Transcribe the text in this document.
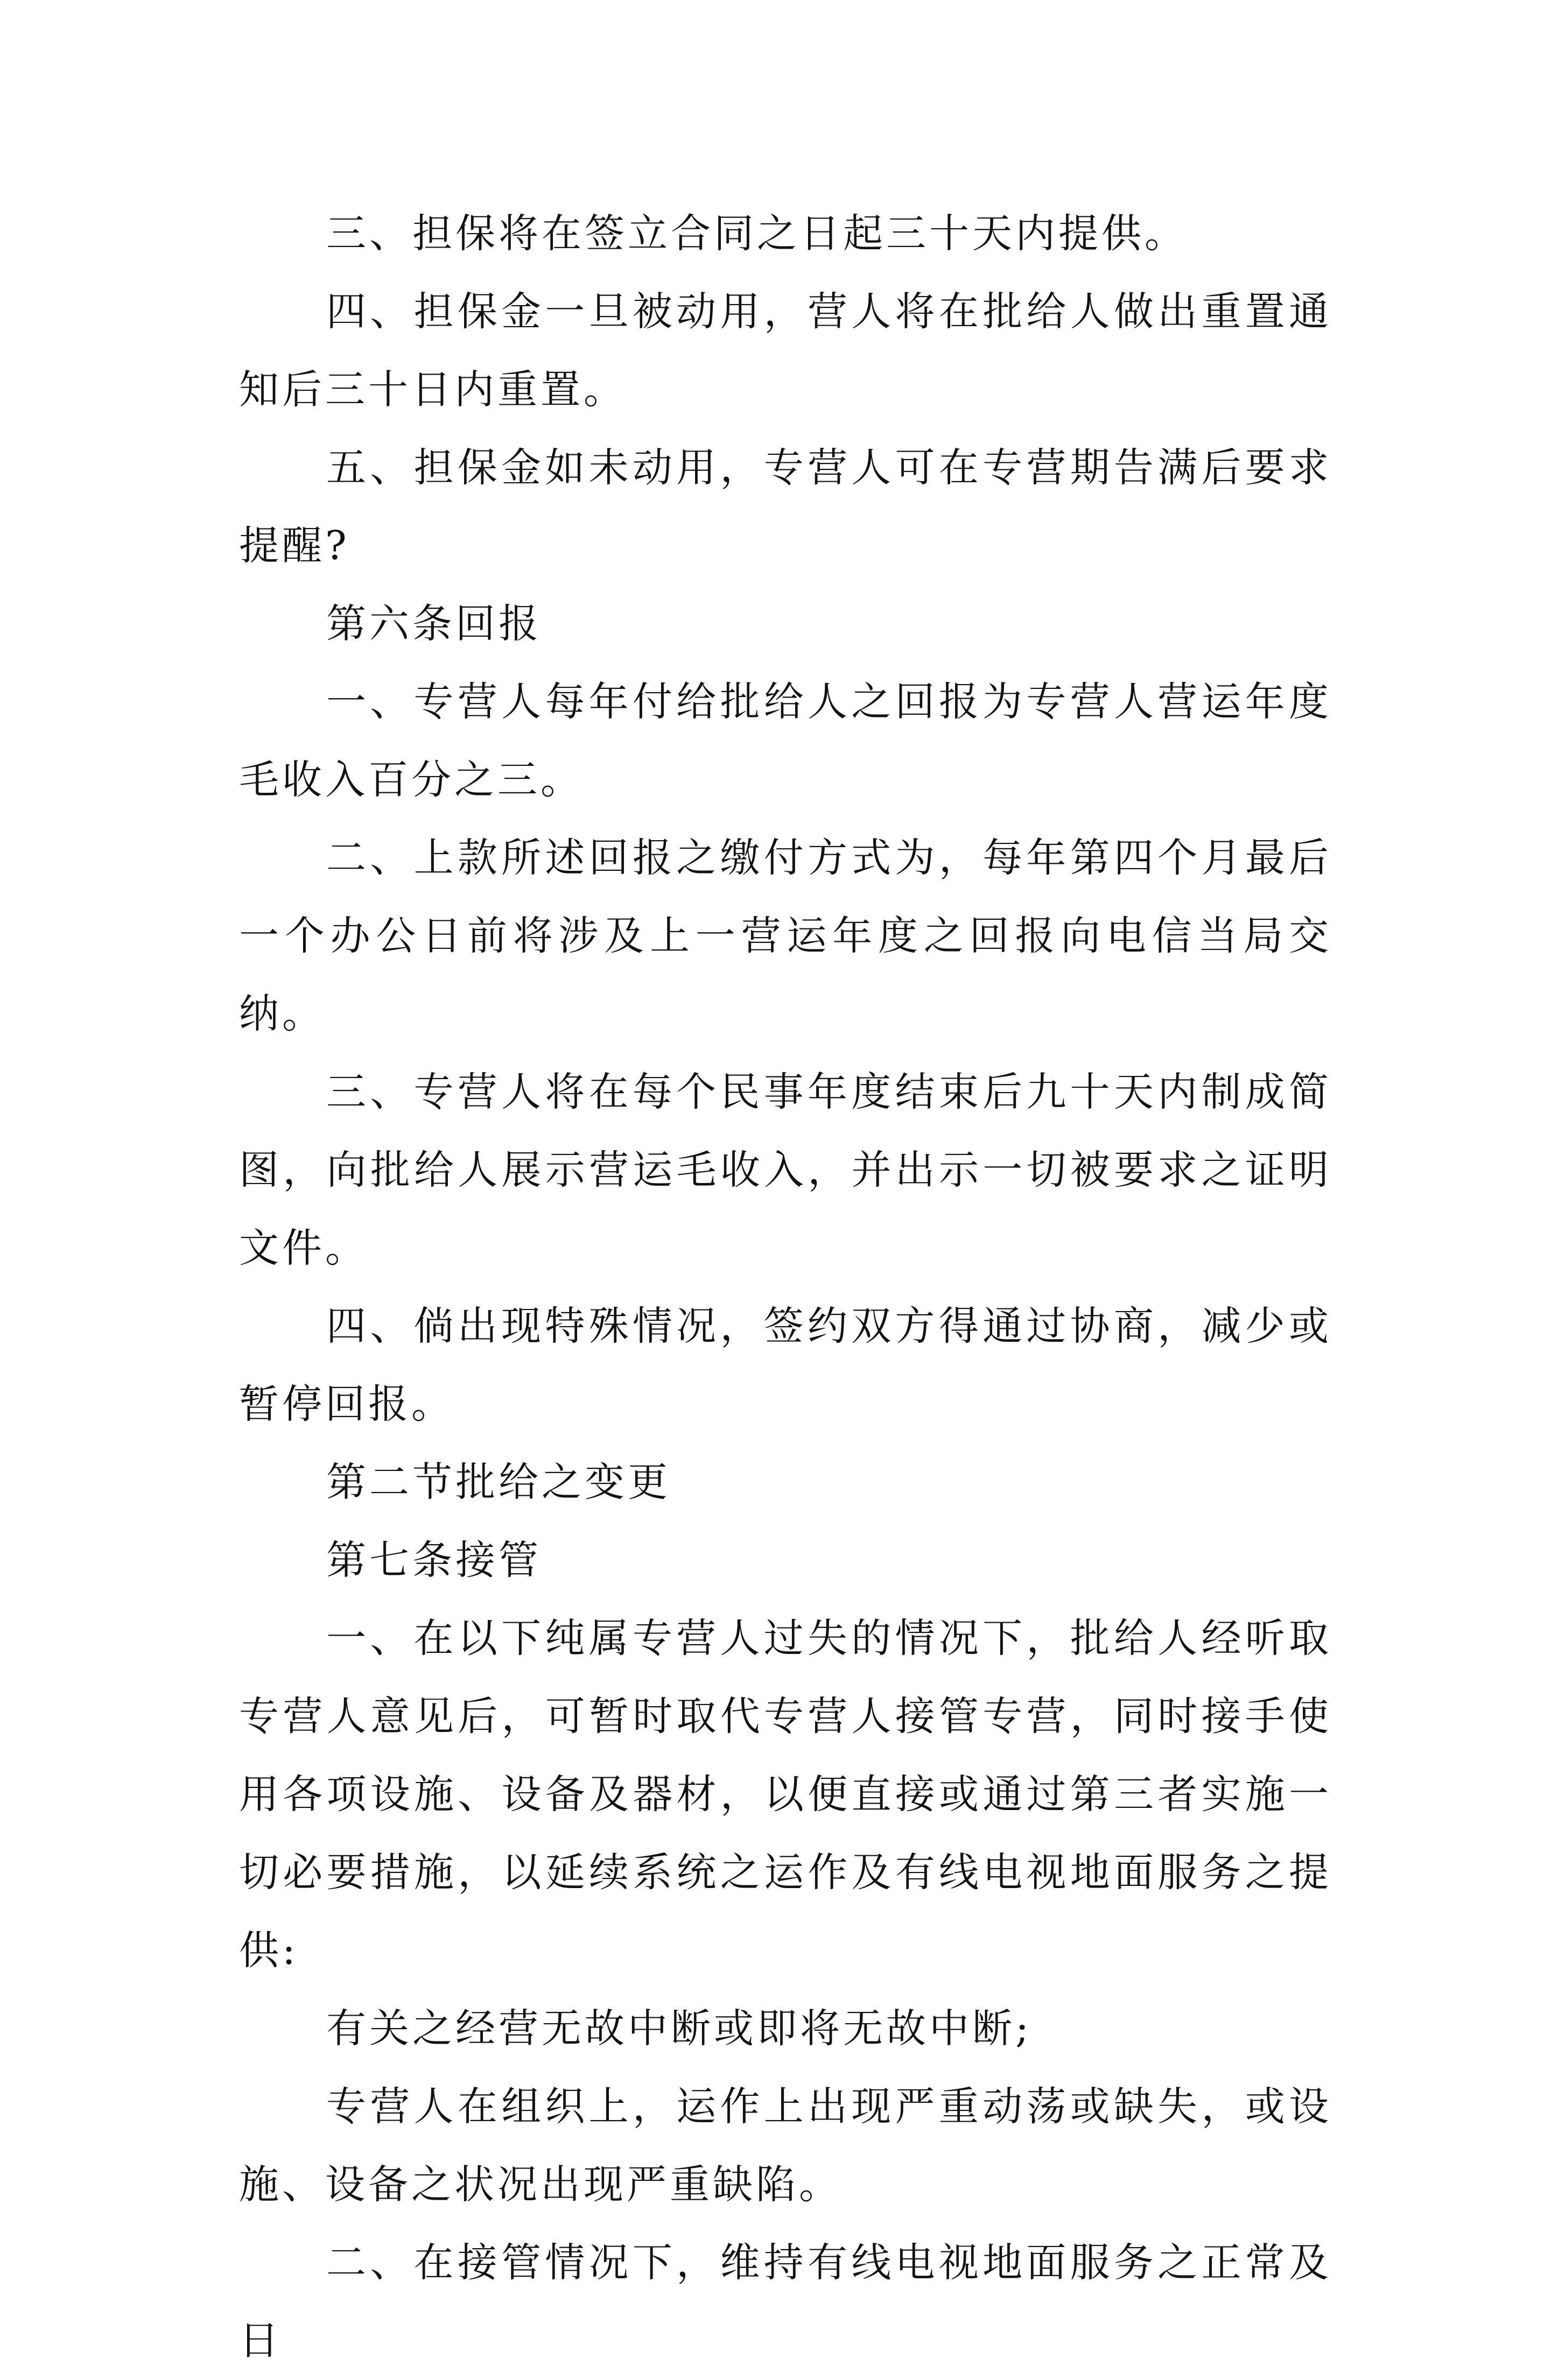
三、担保将在签立合同之日起三十天内提供。

四、担保金一旦被动用，营人将在批给人做出重置通知后三十日内重置。

五、担保金如未动用，专营人可在专营期告满后要求提醒?

第六条回报

一、专营人每年付给批给人之回报为专营人营运年度毛收入百分之三。

二、上款所述回报之缴付方式为，每年第四个月最后一个办公日前将涉及上一营运年度之回报向电信当局交纳。

三、专营人将在每个民事年度结束后九十天内制成简图，向批给人展示营运毛收入，并出示一切被要求之证明文件。

四、倘出现特殊情况，签约双方得通过协商，减少或暂停回报。

第二节批给之变更

第七条接管

一、在以下纯属专营人过失的情况下，批给人经听取专营人意见后，可暂时取代专营人接管专营，同时接手使用各项设施、设备及器材，以便直接或通过第三者实施一切必要措施，以延续系统之运作及有线电视地面服务之提供:

有关之经营无故中断或即将无故中断;

专营人在组织上，运作上出现严重动荡或缺失，或设施、设备之状况出现严重缺陷。

二、在接管情况下，维持有线电视地面服务之正常及日
